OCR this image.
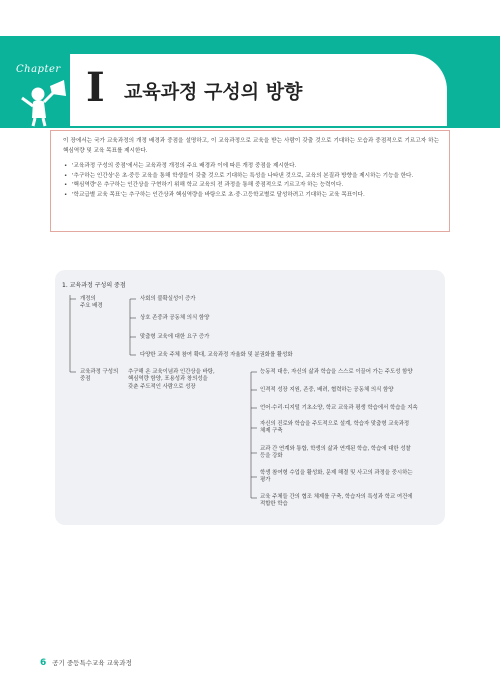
Chapter I 교육과정 구성의 방향

이 장에서는 국가 교육과정의 개정 배경과 중점을 설명하고, 이 교육과정으로 교육을 받는 사람이 갖출 것으로 기대하는 모습과 중점적으로 기르고자 하는 핵심역량 및 교육 목표를 제시한다.

• '교육과정 구성의 중점'에서는 교육과정 개정의 주요 배경과 이에 따른 개정 중점을 제시한다.
• '추구하는 인간상'은 초·중등 교육을 통해 학생들이 갖출 것으로 기대하는 특성을 나타낸 것으로, 교육의 본질과 방향을 제시하는 기능을 한다.
• '핵심역량'은 추구하는 인간상을 구현하기 위해 학교 교육의 전 과정을 통해 중점적으로 기르고자 하는 능력이다.
• '학교급별 교육 목표'는 추구하는 인간상과 핵심역량을 바탕으로 초·중·고등학교별로 달성하려고 기대하는 교육 목표이다.
1. 교육과정 구성의 중점
개정의
주요 배경
사회의 불확실성이 증가
상호 존중과 공동체 의식 함양
맞춤형 교육에 대한 요구 증가
다양한 교육 주체 참여 확대, 교육과정 자율화 및 분권화를 활성화
교육과정 구성의
중점
추구해 온 교육이념과 인간상을 바탕,
핵심역량 함양, 포용성과 창의성을
갖춘 주도적인 사람으로 성장
능동적 대응, 자신의 삶과 학습을 스스로 이끌어 가는 주도성 함양
인격적 성장 지원, 존중, 배려, 협력하는 공동체 의식 함양
언어·수리·디지털 기초소양, 학교 교육과 평생 학습에서 학습을 지속
자신의 진로와 학습을 주도적으로 설계, 학습자 맞춤형 교육과정
체제 구축
교과 간 연계와 통합, 학생의 삶과 연계된 학습, 학습에 대한 성찰
등을 강화
학생 참여형 수업을 활성화, 문제 해결 및 사고의 과정을 중시하는
평가
교육 주체들 간의 협조 체제를 구축, 학습자의 특성과 학교 여건에
적합한 학습
6 공기 중등특수교육 교육과정
